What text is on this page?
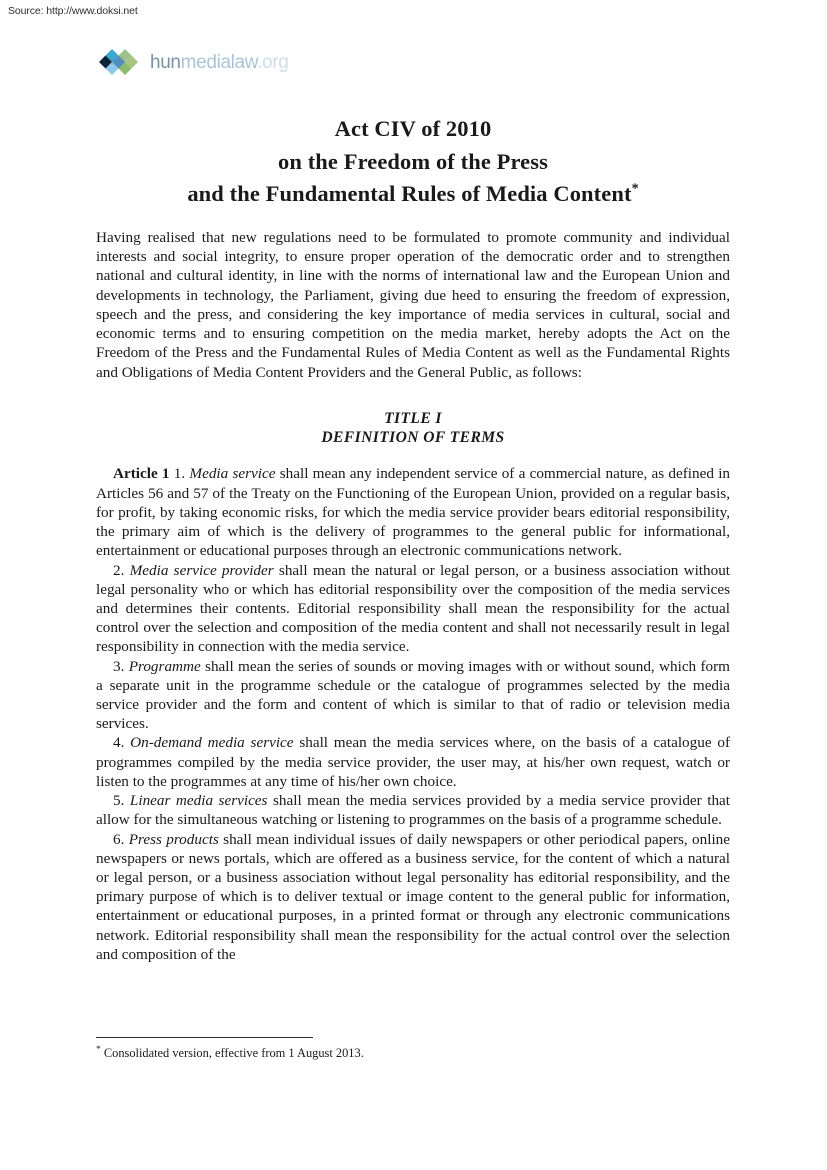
Source: http://www.doksi.net
hunmedialaw.org
Act CIV of 2010
on the Freedom of the Press
and the Fundamental Rules of Media Content*

Having realised that new regulations need to be formulated to promote community and individual interests and social integrity, to ensure proper operation of the democratic order and to strengthen national and cultural identity, in line with the norms of international law and the European Union and developments in technology, the Parliament, giving due heed to ensuring the freedom of expression, speech and the press, and considering the key importance of media services in cultural, social and economic terms and to ensuring competition on the media market, hereby adopts the Act on the Freedom of the Press and the Fundamental Rules of Media Content as well as the Fundamental Rights and Obligations of Media Content Providers and the General Public, as follows:

TITLE I
DEFINITION OF TERMS

Article 1 1. Media service shall mean any independent service of a commercial nature, as defined in Articles 56 and 57 of the Treaty on the Functioning of the European Union, provided on a regular basis, for profit, by taking economic risks, for which the media service provider bears editorial responsibility, the primary aim of which is the delivery of programmes to the general public for informational, entertainment or educational purposes through an electronic communications network.

2. Media service provider shall mean the natural or legal person, or a business association without legal personality who or which has editorial responsibility over the composition of the media services and determines their contents. Editorial responsibility shall mean the responsibility for the actual control over the selection and composition of the media content and shall not necessarily result in legal responsibility in connection with the media service.

3. Programme shall mean the series of sounds or moving images with or without sound, which form a separate unit in the programme schedule or the catalogue of programmes selected by the media service provider and the form and content of which is similar to that of radio or television media services.

4. On-demand media service shall mean the media services where, on the basis of a catalogue of programmes compiled by the media service provider, the user may, at his/her own request, watch or listen to the programmes at any time of his/her own choice.

5. Linear media services shall mean the media services provided by a media service provider that allow for the simultaneous watching or listening to programmes on the basis of a programme schedule.

6. Press products shall mean individual issues of daily newspapers or other periodical papers, online newspapers or news portals, which are offered as a business service, for the content of which a natural or legal person, or a business association without legal personality has editorial responsibility, and the primary purpose of which is to deliver textual or image content to the general public for information, entertainment or educational purposes, in a printed format or through any electronic communications network. Editorial responsibility shall mean the responsibility for the actual control over the selection and composition of the

* Consolidated version, effective from 1 August 2013.
